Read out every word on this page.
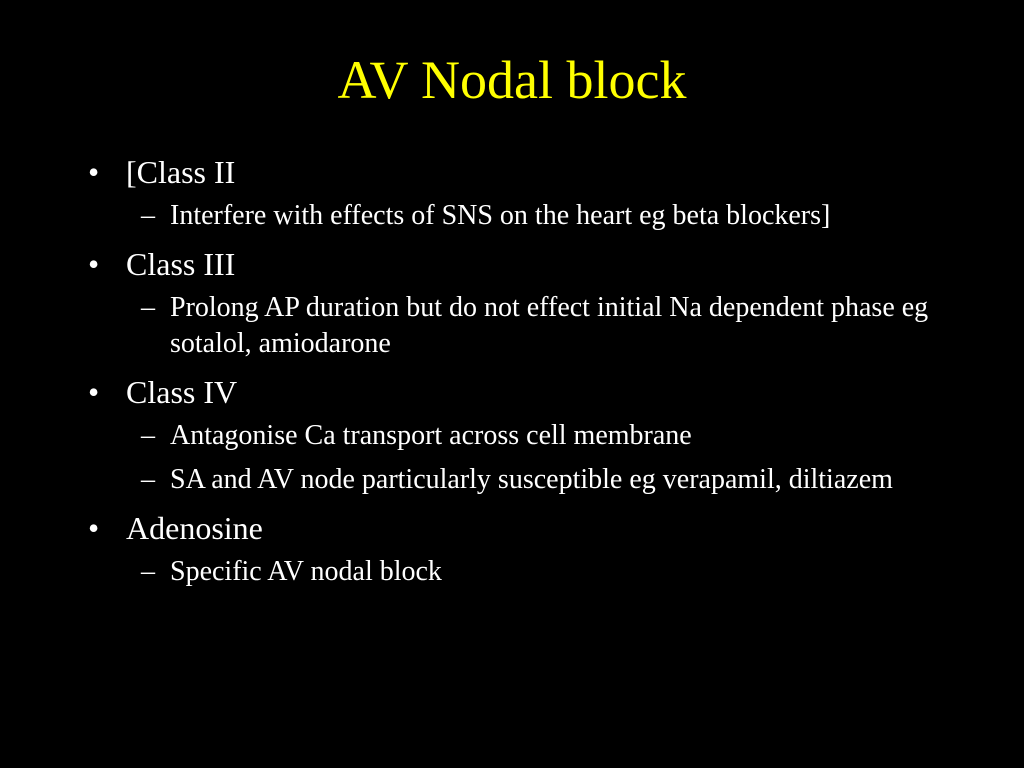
AV Nodal block
• [Class II
– Interfere with effects of SNS on the heart eg beta blockers]
• Class III
– Prolong AP duration but do not effect initial Na dependent phase eg sotalol, amiodarone
• Class IV
– Antagonise Ca transport across cell membrane
– SA and AV node particularly susceptible eg verapamil, diltiazem
• Adenosine
– Specific AV nodal block
